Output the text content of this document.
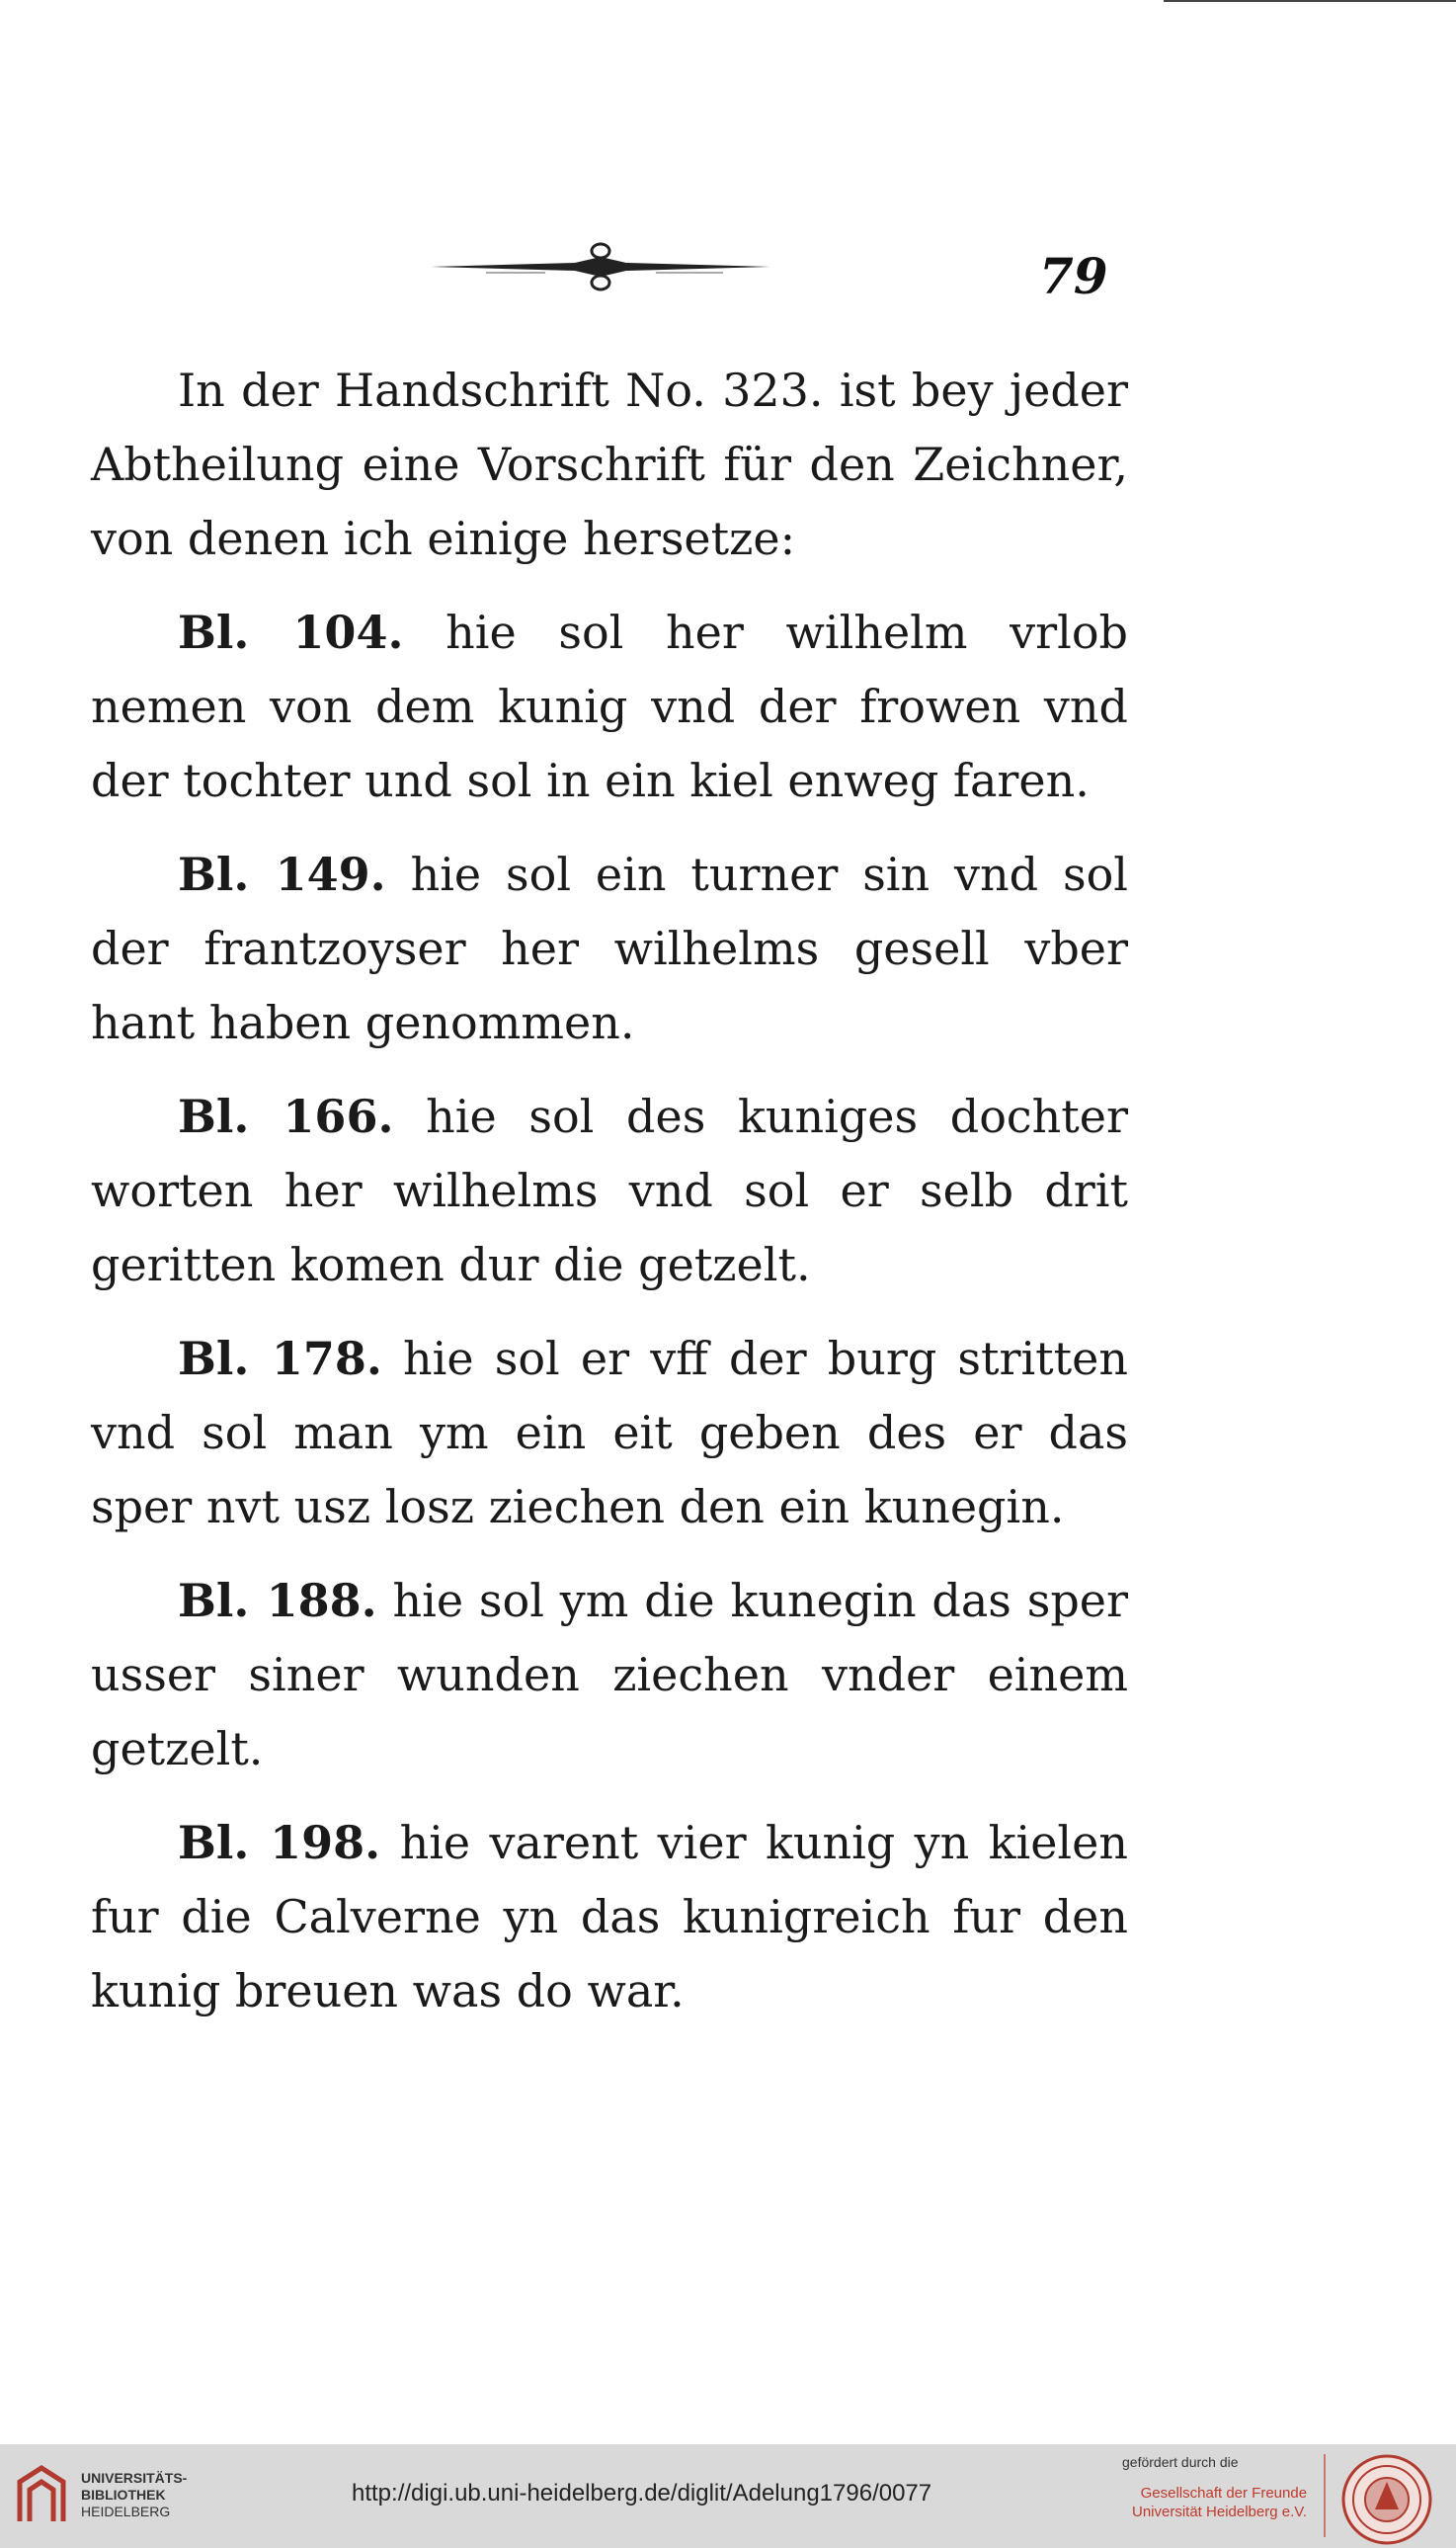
79

In der Handschrift No. 323. ist bey jeder Abtheilung eine Vorschrift für den Zeichner, von denen ich einige hersetze:

Bl. 104. hie sol her wilhelm vrlob nemen von dem kunig vnd der frowen vnd der tochter und sol in ein kiel enweg faren.

Bl. 149. hie sol ein turner sin vnd sol der frantzoyser her wilhelms gesell vber hant haben genommen.

Bl. 166. hie sol des kuniges dochter worten her wilhelms vnd sol er selb drit geritten komen dur die getzelt.

Bl. 178. hie sol er vff der burg stritten vnd sol man ym ein eit geben des er das sper nvt usz losz ziechen den ein kunegin.

Bl. 188. hie sol ym die kunegin das sper usser siner wunden ziechen vnder einem getzelt.

Bl. 198. hie varent vier kunig yn kielen fur die Calverne yn das kunigreich fur den kunig breuen was do war.

UNIVERSITÄTS-
BIBLIOTHEK
HEIDELBERG

http://digi.ub.uni-heidelberg.de/diglit/Adelung1796/0077

gefördert durch die

Gesellschaft der Freunde
Universität Heidelberg e.V.
